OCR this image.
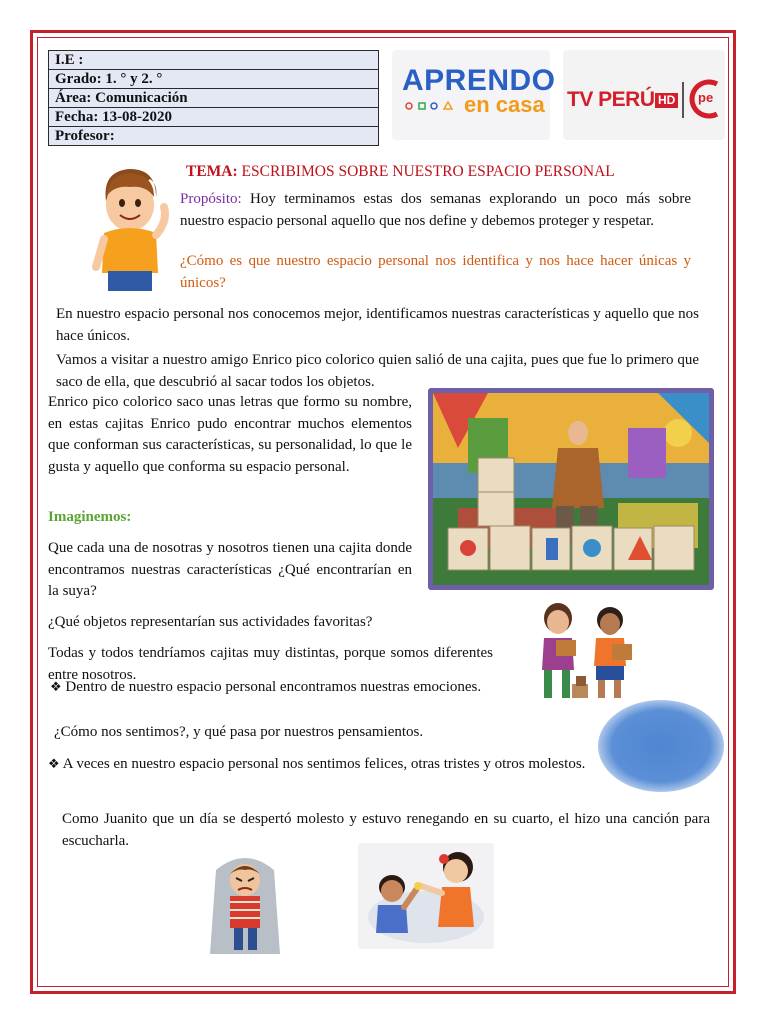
I.E :
Grado: 1. ° y 2. °
Área: Comunicación
Fecha: 13-08-2020
Profesor:
APRENDO
en casa TV PERÚ HD pe
TEMA: ESCRIBIMOS SOBRE NUESTRO ESPACIO PERSONAL
Propósito: Hoy terminamos estas dos semanas explorando un poco más sobre nuestro espacio personal aquello que nos define y debemos proteger y respetar.
¿Cómo es que nuestro espacio personal nos identifica y nos hace hacer únicas y únicos?
En nuestro espacio personal nos conocemos mejor, identificamos nuestras características y aquello que nos hace únicos.
Vamos a visitar a nuestro amigo Enrico pico colorico quien salió de una cajita, pues que fue lo primero que saco de ella, que descubrió al sacar todos los objetos.
Enrico pico colorico saco unas letras que formo su nombre, en estas cajitas Enrico pudo encontrar muchos elementos que conforman sus características, su personalidad, lo que le gusta y aquello que conforma su espacio personal.
Imaginemos:
Que cada una de nosotras y nosotros tienen una cajita donde encontramos nuestras características ¿Qué encontrarían en la suya?
¿Qué objetos representarían sus actividades favoritas?
Todas y todos tendríamos cajitas muy distintas, porque somos diferentes entre nosotros.
❖ Dentro de nuestro espacio personal encontramos nuestras emociones.
¿Cómo nos sentimos?, y qué pasa por nuestros pensamientos.
❖ A veces en nuestro espacio personal nos sentimos felices, otras tristes y otros molestos.
Como Juanito que un día se despertó molesto y estuvo renegando en su cuarto, el hizo una canción para escucharla.
